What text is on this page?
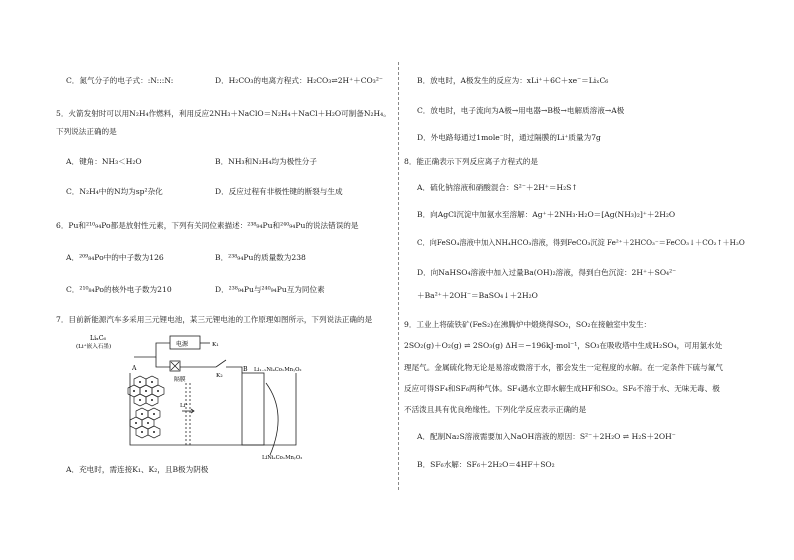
C．氮气分子的电子式：:N:::N:	D．H₂CO₃的电离方程式：H₂CO₃⇌2H⁺＋CO₃²⁻
5．火箭发射时可以用N₂H₄作燃料，利用反应2NH₃＋NaClO＝N₂H₄＋NaCl＋H₂O可制备N₂H₄。
下列说法正确的是
A．键角：NH₃＜H₂O	B．NH₃和N₂H₄均为极性分子
C．N₂H₄中的N均为sp²杂化	D．反应过程有非极性键的断裂与生成
6．Pu和²¹⁰₉₄Po都是放射性元素，下列有关同位素描述：²³⁸₉₄Pu和²⁴⁰₉₄Pu的说法错误的是
A．²⁰⁹₈₄Po中的中子数为126	B．²³⁸₉₄Pu的质量数为238
C．²¹⁰₈₄Po的核外电子数为210	D．²³⁸₉₄Pu与²⁴⁰₉₄Pu互为同位素
7．目前新能源汽车多采用三元锂电池，某三元锂电池的工作原理如图所示，下列说法正确的是
LiₓC₆
(Li⁺嵌入石墨)
A
电源	K₁
K₂
隔膜
Li⁺
B Li₁₋ₓNiₐCoₓMnᵧO₂
LiNiₐCoₓMnᵧO₂
A．充电时，需连接K₁、K₂，且B极为阴极
B．放电时，A极发生的反应为：xLi⁺＋6C＋xe⁻＝LiₓC₆
C．放电时，电子流向为A极→用电器→B极→电解质溶液→A极
D．外电路每通过1mole⁻时，通过隔膜的Li⁺质量为7g
8．能正确表示下列反应离子方程式的是
A．硫化钠溶液和硝酸混合：S²⁻＋2H⁺＝H₂S↑
B．向AgCl沉淀中加氨水至溶解：Ag⁺＋2NH₃·H₂O＝[Ag(NH₃)₂]⁺＋2H₂O
C．向FeSO₄溶液中加入NH₄HCO₃溶液，得到FeCO₃沉淀 Fe²⁺＋2HCO₃⁻＝FeCO₃↓＋CO₂↑＋H₂O
D．向NaHSO₄溶液中加入过量Ba(OH)₂溶液，得到白色沉淀：2H⁺＋SO₄²⁻
＋Ba²⁺＋2OH⁻＝BaSO₄↓＋2H₂O
9．工业上将硫铁矿(FeS₂)在沸腾炉中煅烧得SO₂，SO₂在接触室中发生：
2SO₂(g)＋O₂(g) ⇌ 2SO₃(g) ΔH＝−196kJ·mol⁻¹，SO₃在吸收塔中生成H₂SO₄，可用氯水处
理尾气。金属硫化物无论是易溶或微溶于水，都会发生一定程度的水解。在一定条件下硫与氟气
反应可得SF₄和SF₆两种气体。SF₄遇水立即水解生成HF和SO₂。SF₆不溶于水、无味无毒、极
不活泼且具有优良绝缘性。下列化学反应表示正确的是
A．配制Na₂S溶液需要加入NaOH溶液的原因：S²⁻＋2H₂O ⇌ H₂S＋2OH⁻
B．SF₆水解：SF₆＋2H₂O＝4HF＋SO₂
